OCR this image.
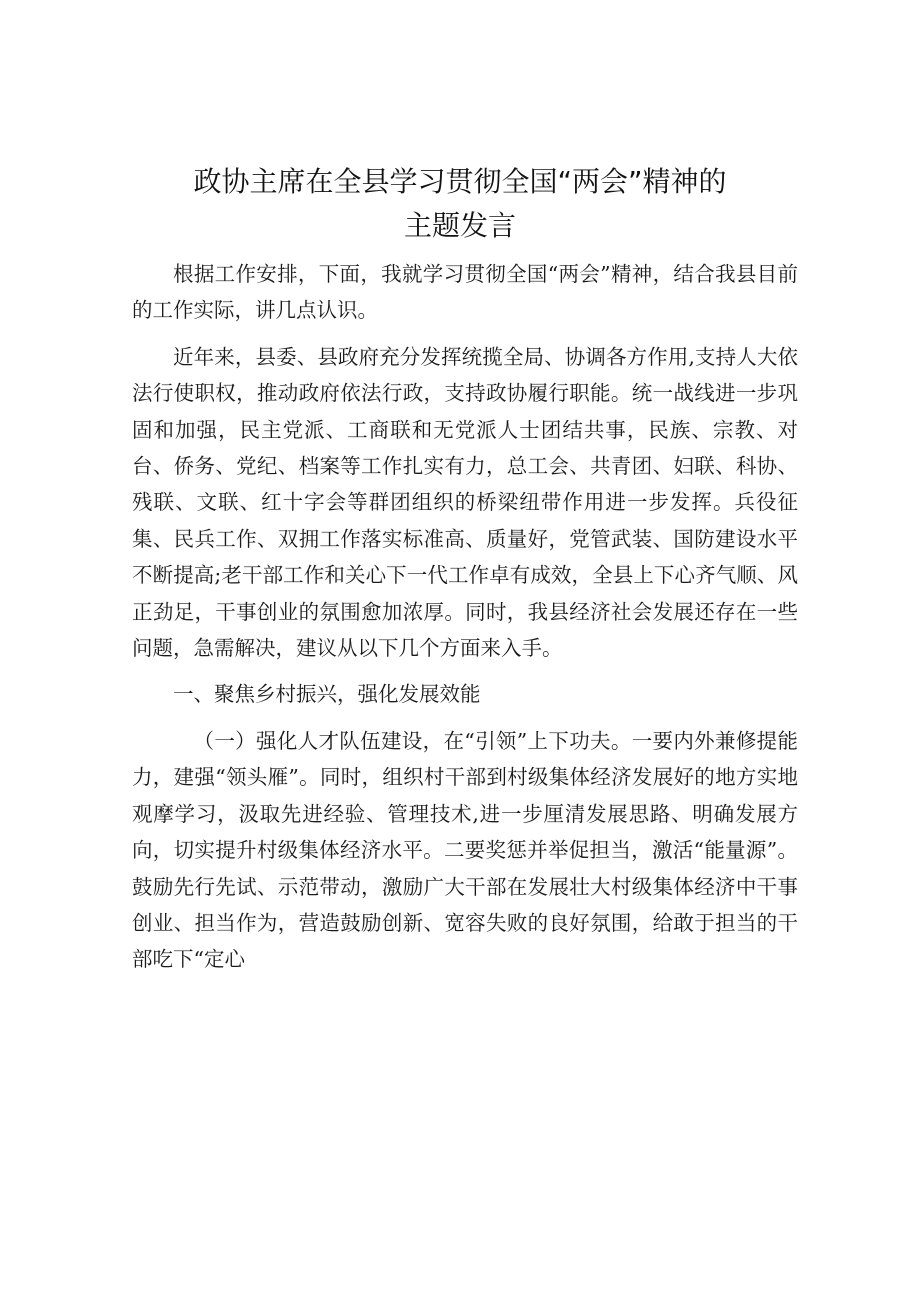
政协主席在全县学习贯彻全国“两会”精神的
主题发言

根据工作安排，下面，我就学习贯彻全国“两会”精神，结合我县目前的工作实际，讲几点认识。

近年来，县委、县政府充分发挥统揽全局、协调各方作用,支持人大依法行使职权，推动政府依法行政，支持政协履行职能。统一战线进一步巩固和加强，民主党派、工商联和无党派人士团结共事，民族、宗教、对台、侨务、党纪、档案等工作扎实有力，总工会、共青团、妇联、科协、残联、文联、红十字会等群团组织的桥梁纽带作用进一步发挥。兵役征集、民兵工作、双拥工作落实标准高、质量好，党管武装、国防建设水平不断提高;老干部工作和关心下一代工作卓有成效，全县上下心齐气顺、风正劲足，干事创业的氛围愈加浓厚。同时，我县经济社会发展还存在一些问题，急需解决，建议从以下几个方面来入手。

一、聚焦乡村振兴，强化发展效能

（一）强化人才队伍建设，在“引领”上下功夫。一要内外兼修提能力，建强“领头雁”。同时，组织村干部到村级集体经济发展好的地方实地观摩学习，汲取先进经验、管理技术,进一步厘清发展思路、明确发展方向，切实提升村级集体经济水平。二要奖惩并举促担当，激活“能量源”。鼓励先行先试、示范带动，激励广大干部在发展壮大村级集体经济中干事创业、担当作为，营造鼓励创新、宽容失败的良好氛围，给敢于担当的干部吃下“定心
